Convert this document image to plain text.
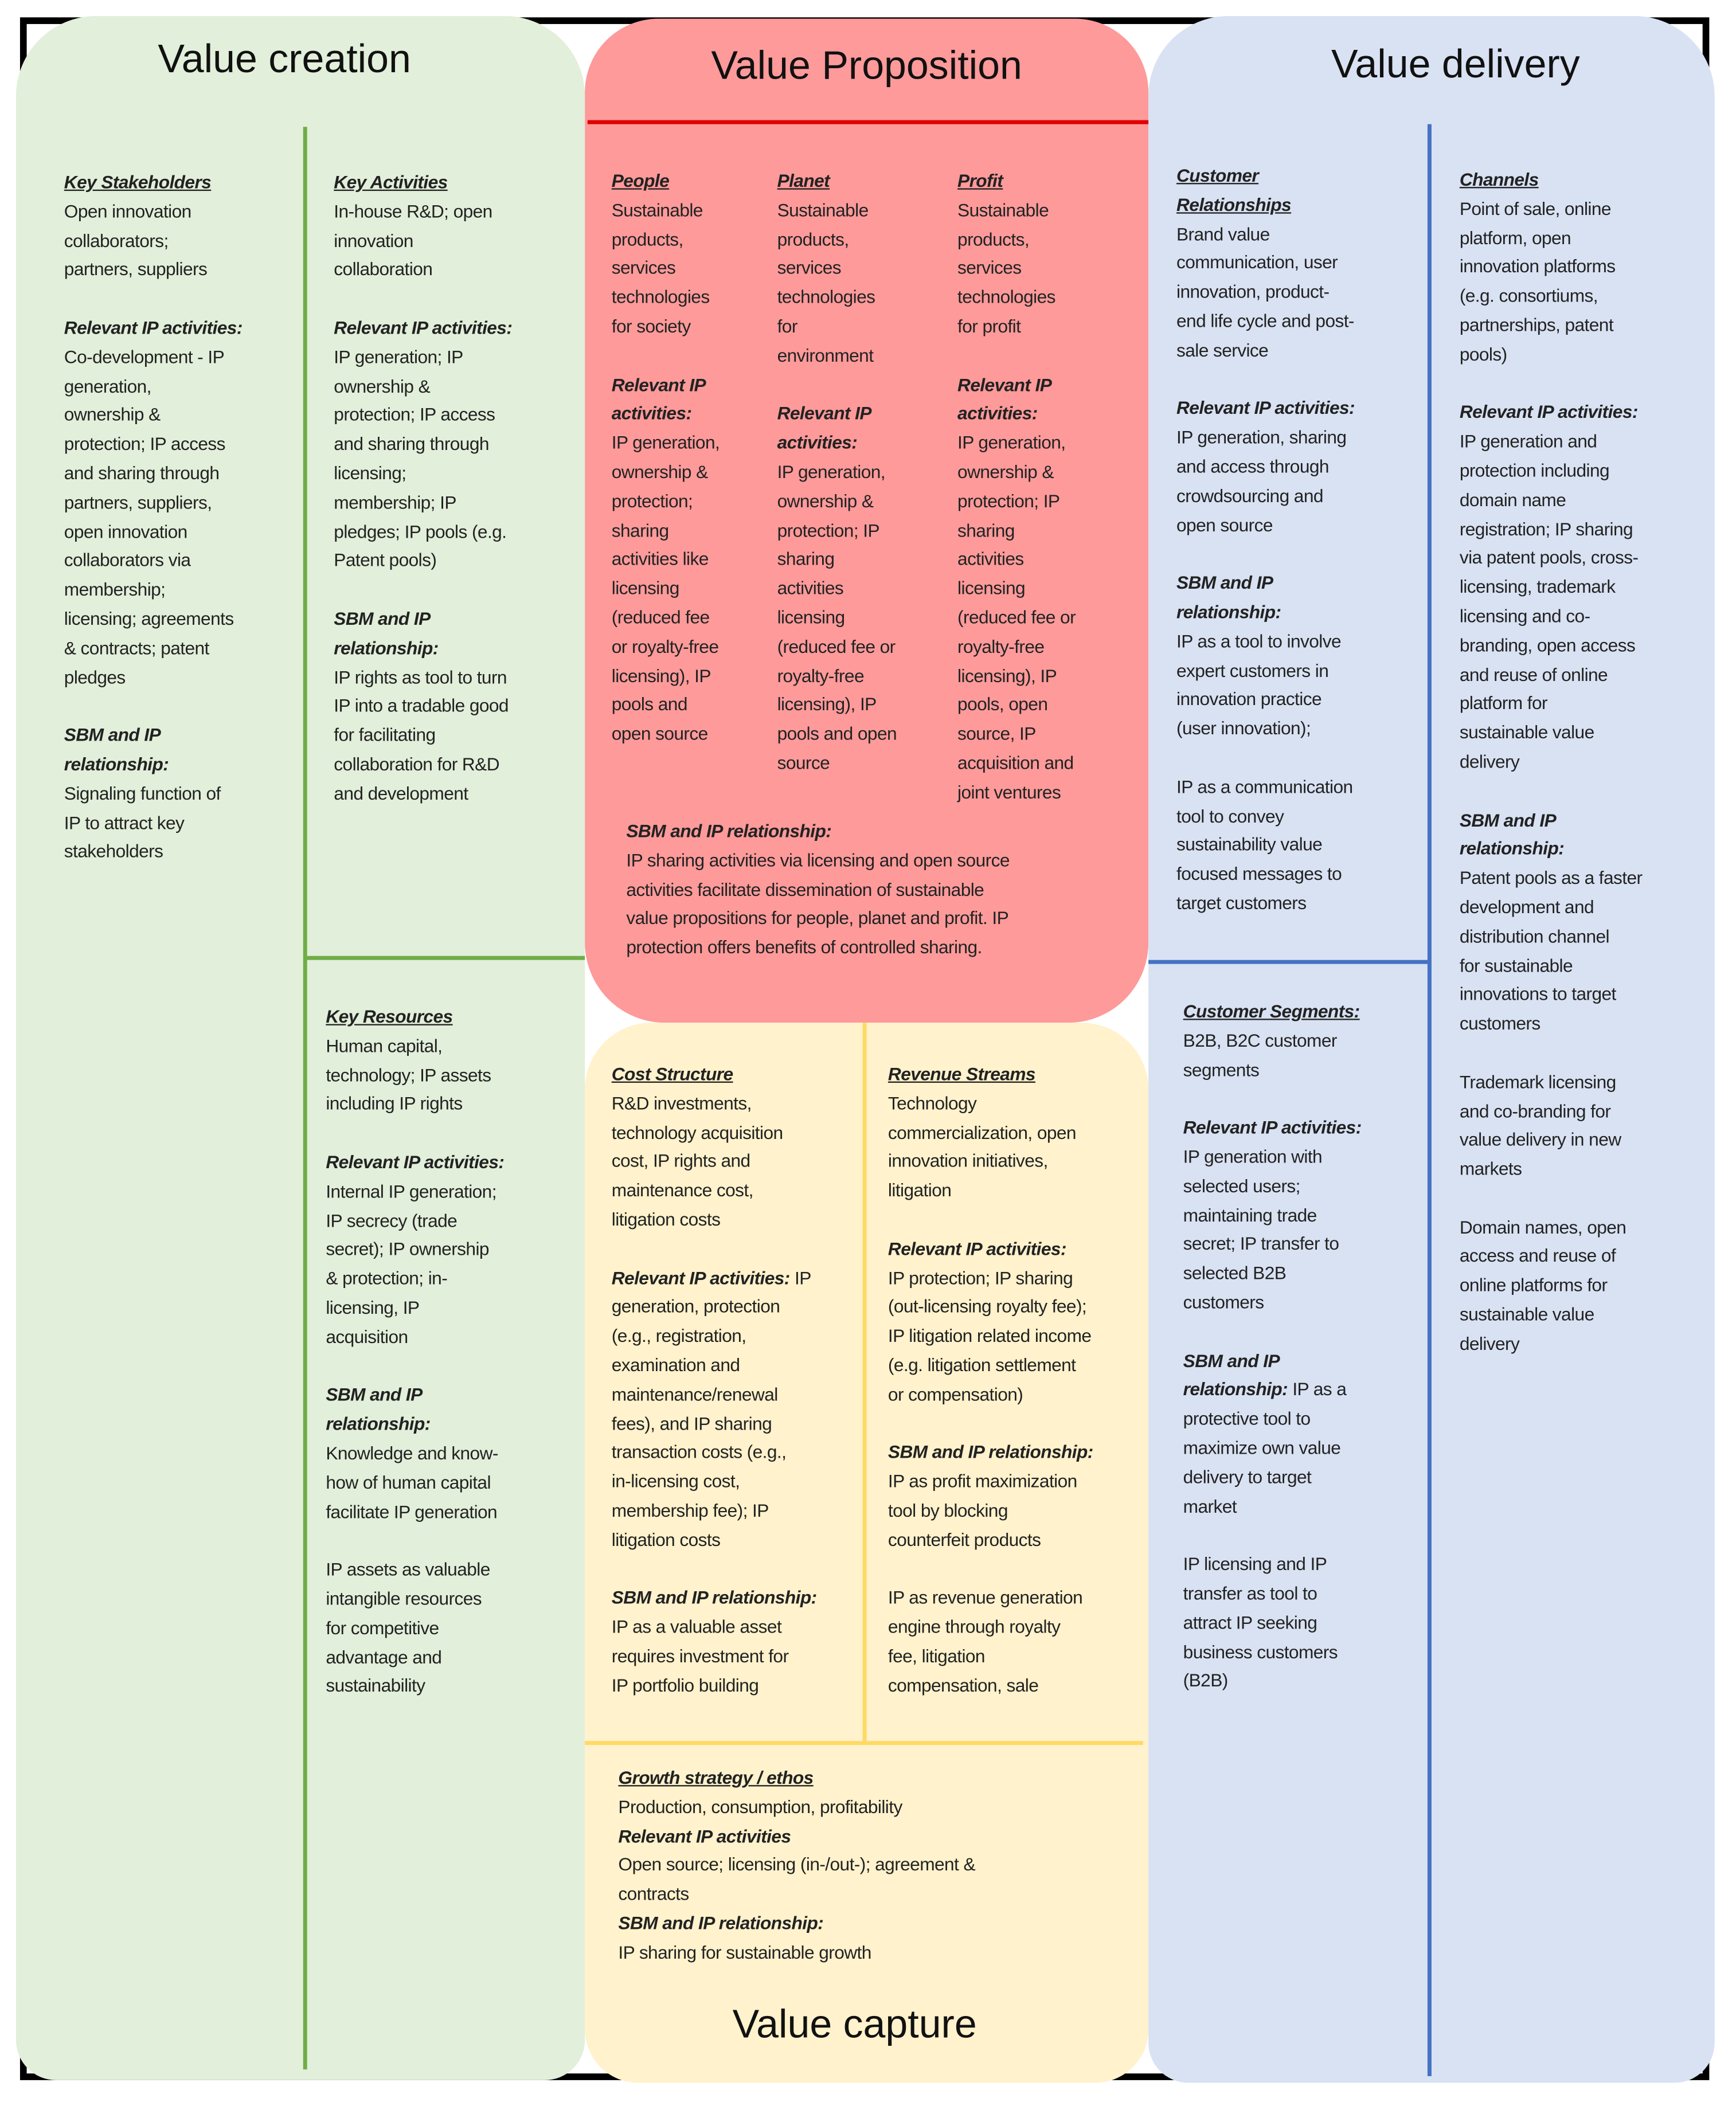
Value creation	Value Proposition	Value delivery
Value capture
Key Stakeholders
Open innovation
collaborators;
partners, suppliers
Relevant IP activities:
Co-development - IP
generation,
ownership &
protection; IP access
and sharing through
partners, suppliers,
open innovation
collaborators via
membership;
licensing; agreements
& contracts; patent
pledges
SBM and IP
relationship:
Signaling function of
IP to attract key
stakeholders
Key Activities
In-house R&D; open
innovation
collaboration
Relevant IP activities:
IP generation; IP
ownership &
protection; IP access
and sharing through
licensing;
membership; IP
pledges; IP pools (e.g.
Patent pools)
SBM and IP
relationship:
IP rights as tool to turn
IP into a tradable good
for facilitating
collaboration for R&D
and development
Key Resources
Human capital,
technology; IP assets
including IP rights
Relevant IP activities:
Internal IP generation;
IP secrecy (trade
secret); IP ownership
& protection; in-
licensing, IP
acquisition
SBM and IP
relationship:
Knowledge and know-
how of human capital
facilitate IP generation
IP assets as valuable
intangible resources
for competitive
advantage and
sustainability
People
Sustainable
products,
services
technologies
for society
Relevant IP
activities:
IP generation,
ownership &
protection;
sharing
activities like
licensing
(reduced fee
or royalty-free
licensing), IP
pools and
open source
Planet
Sustainable
products,
services
technologies
for
environment
Relevant IP
activities:
IP generation,
ownership &
protection; IP
sharing
activities
licensing
(reduced fee or
royalty-free
licensing), IP
pools and open
source
Profit
Sustainable
products,
services
technologies
for profit
Relevant IP
activities:
IP generation,
ownership &
protection; IP
sharing
activities
licensing
(reduced fee or
royalty-free
licensing), IP
pools, open
source, IP
acquisition and
joint ventures
SBM and IP relationship:
IP sharing activities via licensing and open source
activities facilitate dissemination of sustainable
value propositions for people, planet and profit. IP
protection offers benefits of controlled sharing.
Customer
Relationships
Brand value
communication, user
innovation, product-
end life cycle and post-
sale service
Relevant IP activities:
IP generation, sharing
and access through
crowdsourcing and
open source
SBM and IP
relationship:
IP as a tool to involve
expert customers in
innovation practice
(user innovation);
IP as a communication
tool to convey
sustainability value
focused messages to
target customers
Channels
Point of sale, online
platform, open
innovation platforms
(e.g. consortiums,
partnerships, patent
pools)
Relevant IP activities:
IP generation and
protection including
domain name
registration; IP sharing
via patent pools, cross-
licensing, trademark
licensing and co-
branding, open access
and reuse of online
platform for
sustainable value
delivery
SBM and IP
relationship:
Patent pools as a faster
development and
distribution channel
for sustainable
innovations to target
customers
Trademark licensing
and co-branding for
value delivery in new
markets
Domain names, open
access and reuse of
online platforms for
sustainable value
delivery
Customer Segments:
B2B, B2C customer
segments
Relevant IP activities:
IP generation with
selected users;
maintaining trade
secret; IP transfer to
selected B2B
customers
SBM and IP
relationship: IP as a
protective tool to
maximize own value
delivery to target
market
IP licensing and IP
transfer as tool to
attract IP seeking
business customers
(B2B)
Cost Structure
R&D investments,
technology acquisition
cost, IP rights and
maintenance cost,
litigation costs
Relevant IP activities: IP
generation, protection
(e.g., registration,
examination and
maintenance/renewal
fees), and IP sharing
transaction costs (e.g.,
in-licensing cost,
membership fee); IP
litigation costs
SBM and IP relationship:
IP as a valuable asset
requires investment for
IP portfolio building
Revenue Streams
Technology
commercialization, open
innovation initiatives,
litigation
Relevant IP activities:
IP protection; IP sharing
(out-licensing royalty fee);
IP litigation related income
(e.g. litigation settlement
or compensation)
SBM and IP relationship:
IP as profit maximization
tool by blocking
counterfeit products
IP as revenue generation
engine through royalty
fee, litigation
compensation, sale
Growth strategy / ethos
Production, consumption, profitability
Relevant IP activities
Open source; licensing (in-/out-); agreement &
contracts
SBM and IP relationship:
IP sharing for sustainable growth
